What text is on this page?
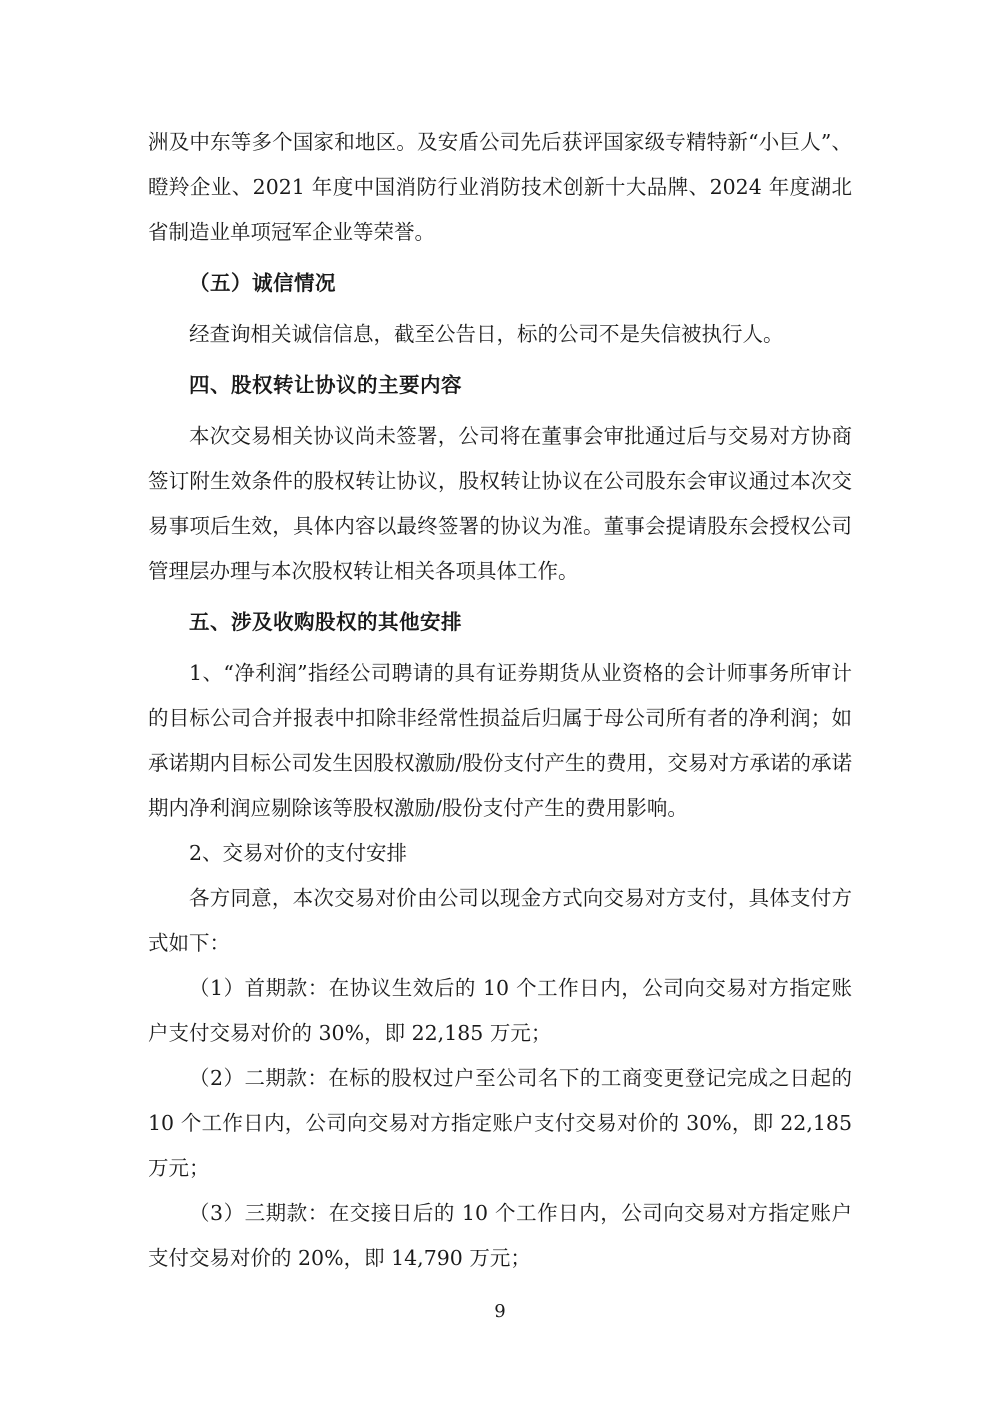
洲及中东等多个国家和地区。及安盾公司先后获评国家级专精特新“小巨人”、瞪羚企业、2021 年度中国消防行业消防技术创新十大品牌、2024 年度湖北省制造业单项冠军企业等荣誉。

（五）诚信情况

经查询相关诚信信息，截至公告日，标的公司不是失信被执行人。

四、股权转让协议的主要内容

本次交易相关协议尚未签署，公司将在董事会审批通过后与交易对方协商签订附生效条件的股权转让协议，股权转让协议在公司股东会审议通过本次交易事项后生效，具体内容以最终签署的协议为准。董事会提请股东会授权公司管理层办理与本次股权转让相关各项具体工作。

五、涉及收购股权的其他安排

1、“净利润”指经公司聘请的具有证券期货从业资格的会计师事务所审计的目标公司合并报表中扣除非经常性损益后归属于母公司所有者的净利润；如承诺期内目标公司发生因股权激励/股份支付产生的费用，交易对方承诺的承诺期内净利润应剔除该等股权激励/股份支付产生的费用影响。

2、交易对价的支付安排

各方同意，本次交易对价由公司以现金方式向交易对方支付，具体支付方式如下：

（1）首期款：在协议生效后的 10 个工作日内，公司向交易对方指定账户支付交易对价的 30%，即 22,185 万元；

（2）二期款：在标的股权过户至公司名下的工商变更登记完成之日起的 10 个工作日内，公司向交易对方指定账户支付交易对价的 30%，即 22,185 万元；

（3）三期款：在交接日后的 10 个工作日内，公司向交易对方指定账户支付交易对价的 20%，即 14,790 万元；

9
